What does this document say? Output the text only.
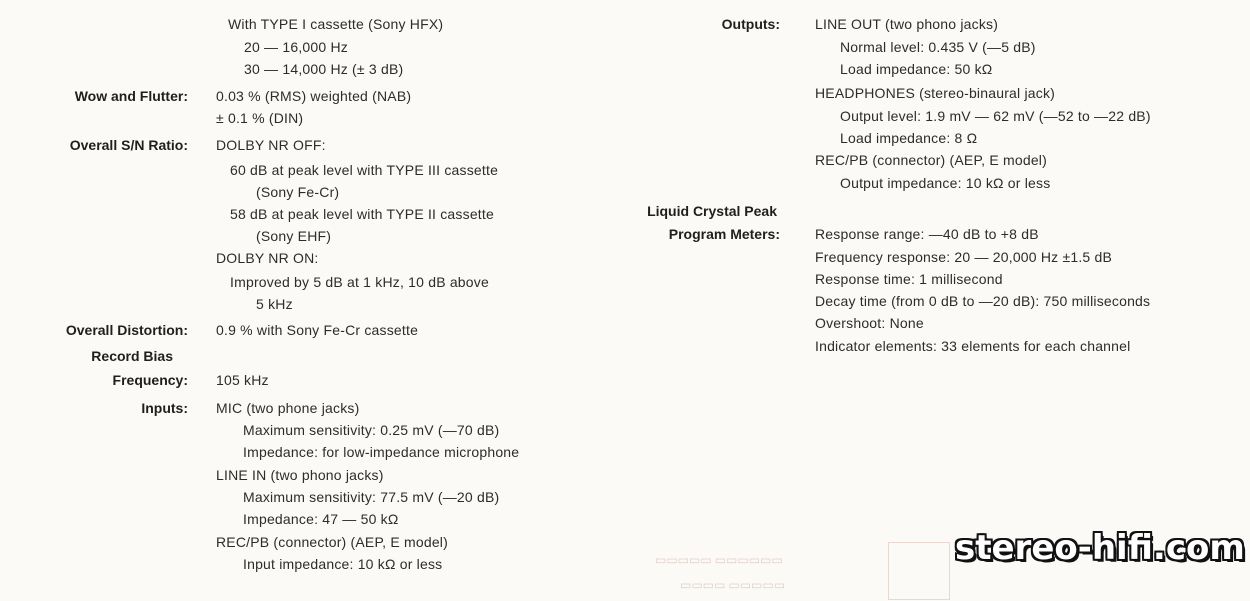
With TYPE I cassette (Sony HFX)
20 — 16,000 Hz
30 — 14,000 Hz (± 3 dB)
Wow and Flutter: 0.03 % (RMS) weighted (NAB)
± 0.1 % (DIN)
Overall S/N Ratio: DOLBY NR OFF:
60 dB at peak level with TYPE III cassette
(Sony Fe-Cr)
58 dB at peak level with TYPE II cassette
(Sony EHF)
DOLBY NR ON:
Improved by 5 dB at 1 kHz, 10 dB above
5 kHz
Overall Distortion: 0.9 % with Sony Fe-Cr cassette
Record Bias
Frequency: 105 kHz
Inputs: MIC (two phone jacks)
Maximum sensitivity: 0.25 mV (—70 dB)
Impedance: for low-impedance microphone
LINE IN (two phono jacks)
Maximum sensitivity: 77.5 mV (—20 dB)
Impedance: 47 — 50 kΩ
REC/PB (connector) (AEP, E model)
Input impedance: 10 kΩ or less
Outputs:	LINE OUT (two phono jacks)
Normal level: 0.435 V (—5 dB)
Load impedance: 50 kΩ
HEADPHONES (stereo-binaural jack)
Output level: 1.9 mV — 62 mV (—52 to —22 dB)
Load impedance: 8 Ω
REC/PB (connector) (AEP, E model)
Output impedance: 10 kΩ or less
Liquid Crystal Peak
Program Meters:	Response range: —40 dB to +8 dB
Frequency response: 20 — 20,000 Hz ±1.5 dB
Response time: 1 millisecond
Decay time (from 0 dB to —20 dB): 750 milliseconds
Overshoot: None
Indicator elements: 33 elements for each channel
▭▭▭▭▭ ▭▭▭▭▭▭
▭▭▭▭ ▭▭▭▭▭
stereo-hifi.com
